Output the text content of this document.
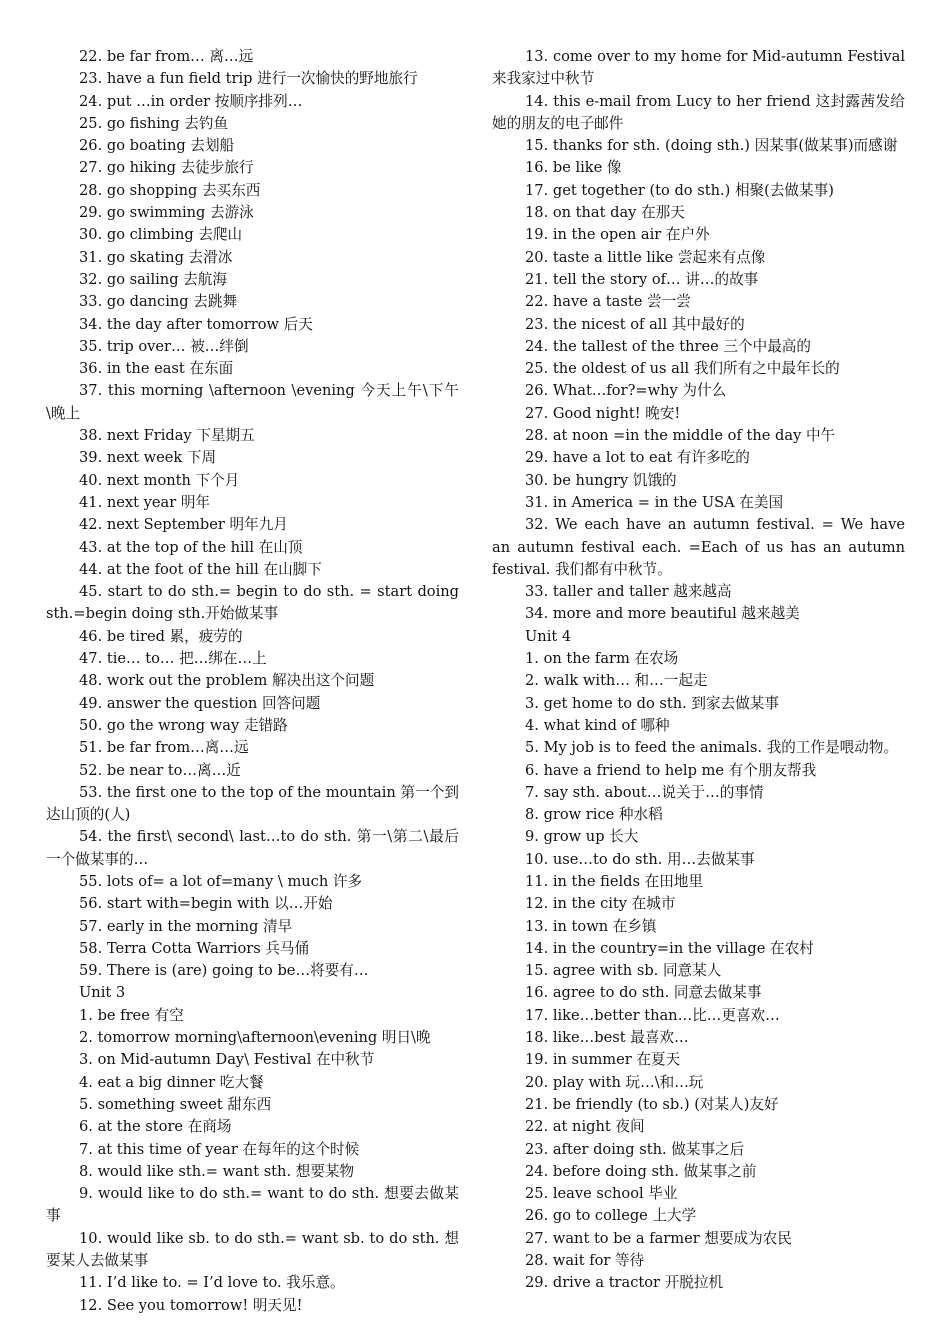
22. be far from… 离…远

23. have a fun field trip 进行一次愉快的野地旅行

24. put …in order 按顺序排列…

25. go fishing 去钓鱼

26. go boating 去划船

27. go hiking 去徒步旅行

28. go shopping 去买东西

29. go swimming 去游泳

30. go climbing 去爬山

31. go skating 去滑冰

32. go sailing 去航海

33. go dancing 去跳舞

34. the day after tomorrow 后天

35. trip over… 被…绊倒

36. in the east 在东面

37. this morning \afternoon \evening 今天上午\下午\晚上

38. next Friday 下星期五

39. next week 下周

40. next month 下个月

41. next year 明年

42. next September 明年九月

43. at the top of the hill 在山顶

44. at the foot of the hill 在山脚下

45. start to do sth.= begin to do sth. = start doing sth.=begin doing sth.开始做某事

46. be tired 累，疲劳的

47. tie… to… 把…绑在…上

48. work out the problem 解决出这个问题

49. answer the question 回答问题

50. go the wrong way 走错路

51. be far from…离…远

52. be near to…离…近

53. the first one to the top of the mountain 第一个到达山顶的(人)

54. the first\ second\ last…to do sth. 第一\第二\最后一个做某事的…

55. lots of= a lot of=many \ much 许多

56. start with=begin with 以…开始

57. early in the morning 清早

58. Terra Cotta Warriors 兵马俑

59. There is (are) going to be…将要有…

Unit 3

1. be free 有空

2. tomorrow morning\afternoon\evening 明日\晚

3. on Mid-autumn Day\ Festival 在中秋节

4. eat a big dinner 吃大餐

5. something sweet 甜东西

6. at the store 在商场

7. at this time of year 在每年的这个时候

8. would like sth.= want sth. 想要某物

9. would like to do sth.= want to do sth. 想要去做某事

10. would like sb. to do sth.= want sb. to do sth. 想要某人去做某事

11. I’d like to. = I’d love to. 我乐意。

12. See you tomorrow! 明天见!

13. come over to my home for Mid-autumn Festival 来我家过中秋节

14. this e-mail from Lucy to her friend 这封露茜发给她的朋友的电子邮件

15. thanks for sth. (doing sth.) 因某事(做某事)而感谢

16. be like 像

17. get together (to do sth.) 相聚(去做某事)

18. on that day 在那天

19. in the open air 在户外

20. taste a little like 尝起来有点像

21. tell the story of… 讲…的故事

22. have a taste 尝一尝

23. the nicest of all 其中最好的

24. the tallest of the three 三个中最高的

25. the oldest of us all 我们所有之中最年长的

26. What…for?=why 为什么

27. Good night! 晚安!

28. at noon =in the middle of the day 中午

29. have a lot to eat 有许多吃的

30. be hungry 饥饿的

31. in America = in the USA 在美国

32. We each have an autumn festival. = We have an autumn festival each. =Each of us has an autumn festival. 我们都有中秋节。

33. taller and taller 越来越高

34. more and more beautiful 越来越美

Unit 4

1. on the farm 在农场

2. walk with… 和…一起走

3. get home to do sth. 到家去做某事

4. what kind of 哪种

5. My job is to feed the animals. 我的工作是喂动物。

6. have a friend to help me 有个朋友帮我

7. say sth. about…说关于…的事情

8. grow rice 种水稻

9. grow up 长大

10. use…to do sth. 用…去做某事

11. in the fields 在田地里

12. in the city 在城市

13. in town 在乡镇

14. in the country=in the village 在农村

15. agree with sb. 同意某人

16. agree to do sth. 同意去做某事

17. like…better than…比…更喜欢…

18. like…best 最喜欢…

19. in summer 在夏天

20. play with 玩…\和…玩

21. be friendly (to sb.) (对某人)友好

22. at night 夜间

23. after doing sth. 做某事之后

24. before doing sth. 做某事之前

25. leave school 毕业

26. go to college 上大学

27. want to be a farmer 想要成为农民

28. wait for 等待

29. drive a tractor 开脱拉机
